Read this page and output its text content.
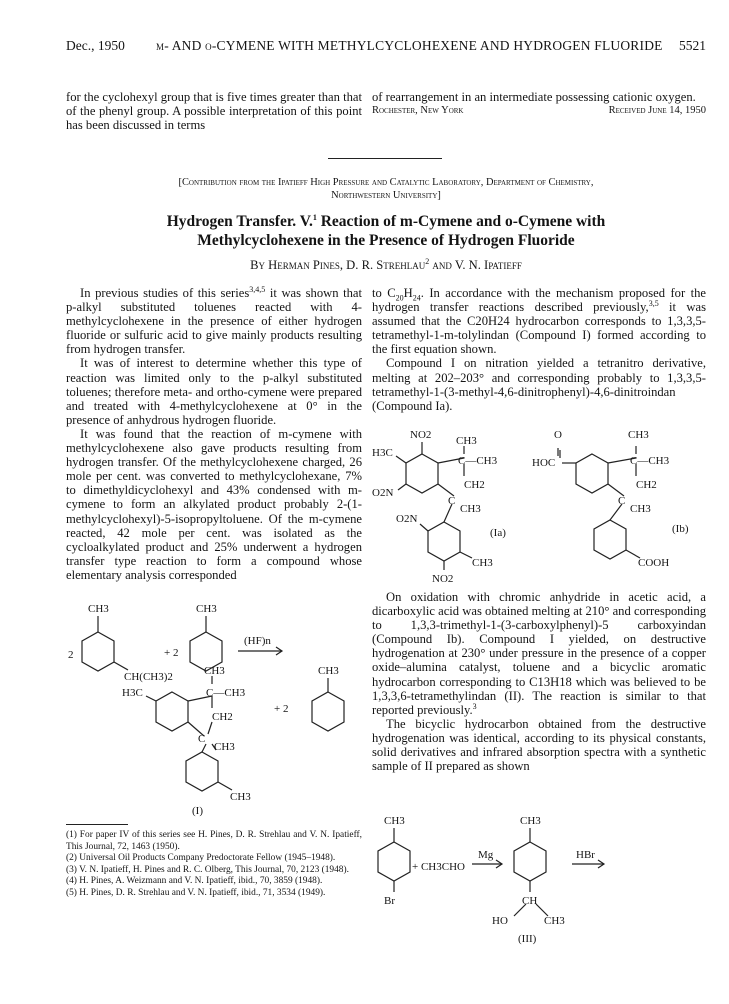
Dec., 1950 m- AND o-CYMENE WITH METHYLCYCLOHEXENE AND HYDROGEN FLUORIDE 5521

for the cyclohexyl group that is five times greater than that of the phenyl group. A possible interpretation of this point has been discussed in terms

of rearrangement in an intermediate possessing cationic oxygen.

Rochester, New York	Received June 14, 1950
[Contribution from the Ipatieff High Pressure and Catalytic Laboratory, Department of Chemistry,
Northwestern University]
Hydrogen Transfer. V.$^1$ Reaction of m-Cymene and o-Cymene with
Methylcyclohexene in the Presence of Hydrogen Fluoride
By Herman Pines, D. R. Strehlau$^2$ and V. N. Ipatieff

In previous studies of this series$^{3,4,5}$ it was shown that p-alkyl substituted toluenes reacted with 4-methylcyclohexene in the presence of either hydrogen fluoride or sulfuric acid to give mainly products resulting from hydrogen transfer.

It was of interest to determine whether this type of reaction was limited only to the p-alkyl substituted toluenes; therefore meta- and ortho-cymene were prepared and treated with 4-methylcyclohexene at 0° in the presence of anhydrous hydrogen fluoride.

It was found that the reaction of m-cymene with methylcyclohexene also gave products resulting from hydrogen transfer. Of the methylcyclohexene charged, 26 mole per cent. was converted to methylcyclohexane, 7% to dimethyldicyclohexyl and 43% condensed with m-cymene to form an alkylated product probably 2-(1-methylcyclohexyl)-5-isopropyltoluene. Of the m-cymene reacted, 42 mole per cent. was isolated as the cycloalkylated product and 25% underwent a hydrogen transfer type reaction to form a compound whose elementary analysis corresponded

CH3
2
CH(CH3)2
+ 2
CH3
(HF)n
H3C
CH3
C—CH3
CH2
C
CH3
CH3
+ 2
CH3
(I)

(1) For paper IV of this series see H. Pines, D. R. Strehlau and V. N. Ipatieff, This Journal, 72, 1463 (1950).

(2) Universal Oil Products Company Predoctorate Fellow (1945–1948).

(3) V. N. Ipatieff, H. Pines and R. C. Olberg, This Journal, 70, 2123 (1948).

(4) H. Pines, A. Weizmann and V. N. Ipatieff, ibid., 70, 3859 (1948).

(5) H. Pines, D. R. Strehlau and V. N. Ipatieff, ibid., 71, 3534 (1949).

to $C_{20}H_{24}$. In accordance with the mechanism proposed for the hydrogen transfer reactions described previously,$^{3,5}$ it was assumed that the C20H24 hydrocarbon corresponds to 1,3,3,5-tetramethyl-1-m-tolylindan (Compound I) formed according to the first equation shown.

Compound I on nitration yielded a tetranitro derivative, melting at 202–203° and corresponding probably to 1,3,3,5-tetramethyl-1-(3-methyl-4,6-dinitrophenyl)-4,6-dinitroindan (Compound Ia).

NO2 CH3
H3C
C—CH3
CH2
O2N
C
CH3
O2N
(Ia)
CH3
NO2
O	CH3
HOC	C—CH3
CH2
C
CH3
(Ib)
COOH

On oxidation with chromic anhydride in acetic acid, a dicarboxylic acid was obtained melting at 210° and corresponding to 1,3,3-trimethyl-1-(3-carboxylphenyl)-5 carboxyindan (Compound Ib). Compound I yielded, on destructive hydrogenation at 230° under pressure in the presence of a copper oxide–alumina catalyst, toluene and a bicyclic aromatic hydrocarbon corresponding to C13H18 which was believed to be 1,3,3,6-tetramethylindan (II). The reaction is similar to that reported previously.$^3$

The bicyclic hydrocarbon obtained from the destructive hydrogenation was identical, according to its physical constants, solid derivatives and infrared absorption spectra with a synthetic sample of II prepared as shown

CH3
Br
+ CH3CHO
Mg
CH3
HBr
CH
HO	CH3
(III)
